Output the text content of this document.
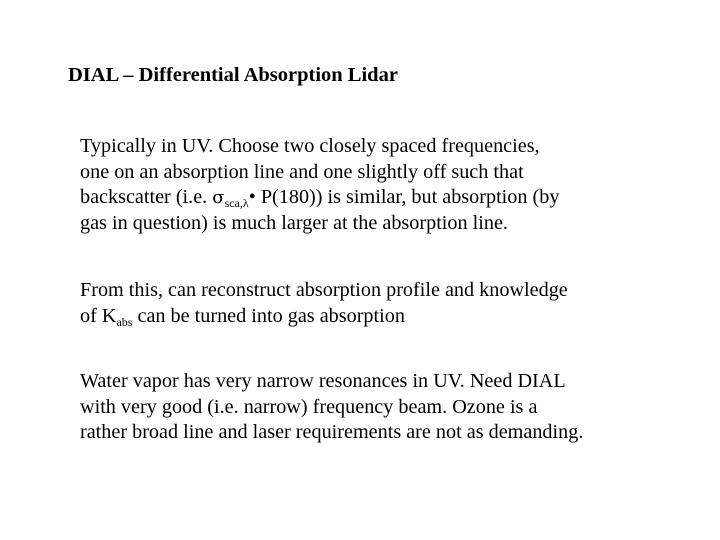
DIAL – Differential Absorption Lidar

Typically in UV. Choose two closely spaced frequencies,
one on an absorption line and one slightly off such that
backscatter (i.e. $\sigma_{sca,\lambda}•$ P(180)) is similar, but absorption (by
gas in question) is much larger at the absorption line.

From this, can reconstruct absorption profile and knowledge
of $K_{abs}$ can be turned into gas absorption

Water vapor has very narrow resonances in UV. Need DIAL
with very good (i.e. narrow) frequency beam. Ozone is a
rather broad line and laser requirements are not as demanding.
